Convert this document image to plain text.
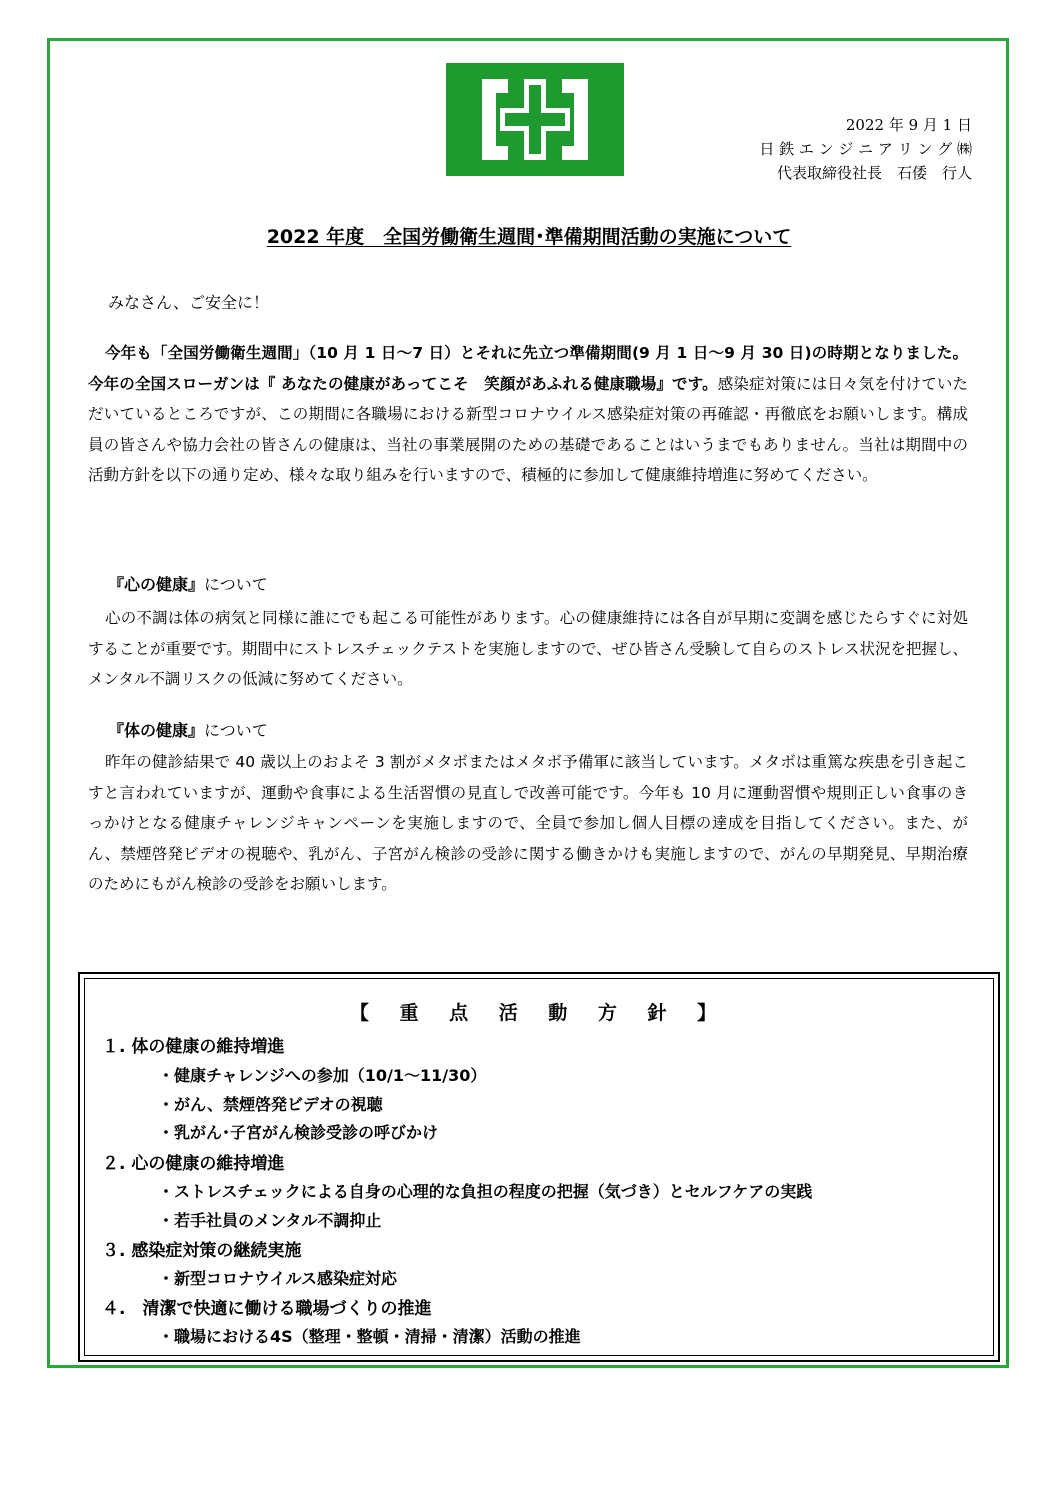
2022 年 9 月 1 日
日 鉄 エ ン ジ ニ ア リ ン グ ㈱
代表取締役社長　石倭　行人
2022 年度　全国労働衛生週間･準備期間活動の実施について
みなさん、ご安全に！

今年も「全国労働衛生週間」（10 月 1 日～7 日）とそれに先立つ準備期間(9 月 1 日～9 月 30 日)の時期となりました。今年の全国スローガンは『 あなたの健康があってこそ　笑顔があふれる健康職場』です。感染症対策には日々気を付けていただいているところですが、この期間に各職場における新型コロナウイルス感染症対策の再確認・再徹底をお願いします。構成員の皆さんや協力会社の皆さんの健康は、当社の事業展開のための基礎であることはいうまでもありません。当社は期間中の活動方針を以下の通り定め、様々な取り組みを行いますので、積極的に参加して健康維持増進に努めてください。

『心の健康』について

心の不調は体の病気と同様に誰にでも起こる可能性があります。心の健康維持には各自が早期に変調を感じたらすぐに対処することが重要です。期間中にストレスチェックテストを実施しますので、ぜひ皆さん受験して自らのストレス状況を把握し、メンタル不調リスクの低減に努めてください。

『体の健康』について

昨年の健診結果で 40 歳以上のおよそ 3 割がメタボまたはメタボ予備軍に該当しています。メタボは重篤な疾患を引き起こすと言われていますが、運動や食事による生活習慣の見直しで改善可能です。今年も 10 月に運動習慣や規則正しい食事のきっかけとなる健康チャレンジキャンペーンを実施しますので、全員で参加し個人目標の達成を目指してください。また、がん、禁煙啓発ビデオの視聴や、乳がん、子宮がん検診の受診に関する働きかけも実施しますので、がんの早期発見、早期治療のためにもがん検診の受診をお願いします。

【 重 点 活 動 方 針 】
１. 体の健康の維持増進
・健康チャレンジへの参加（10/1～11/30）
・がん、禁煙啓発ビデオの視聴
・乳がん･子宮がん検診受診の呼びかけ
２. 心の健康の維持増進
・ストレスチェックによる自身の心理的な負担の程度の把握（気づき）とセルフケアの実践
・若手社員のメンタル不調抑止
３. 感染症対策の継続実施
・新型コロナウイルス感染症対応
４.　清潔で快適に働ける職場づくりの推進
・職場における4S（整理・整頓・清掃・清潔）活動の推進
